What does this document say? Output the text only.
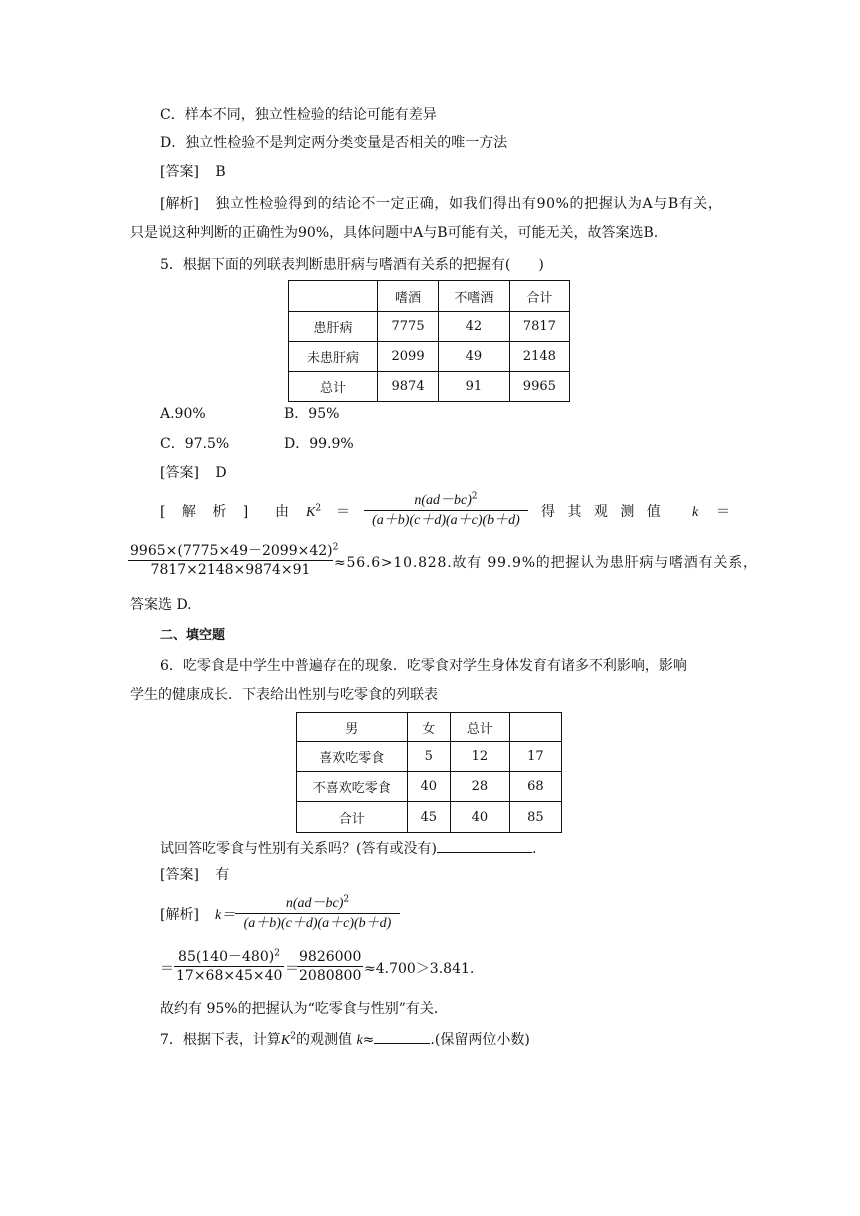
C．样本不同，独立性检验的结论可能有差异
D．独立性检验不是判定两分类变量是否相关的唯一方法
[答案] B
[解析] 独立性检验得到的结论不一定正确，如我们得出有90%的把握认为A与B有关，
只是说这种判断的正确性为90%，具体问题中A与B可能有关，可能无关，故答案选B.
5．根据下面的列联表判断患肝病与嗜酒有关系的把握有(　　)
	嗜酒	不嗜酒	合计
患肝病	7775	42	7817
未患肝病	2099	49	2148
总计	9874	91	9965
A.90%	B．95%
C．97.5%	D．99.9%
[答案] D
[ 解 析 ] 由 $K^2$ ＝
$n(ad-bc)^2$
(a＋b)(c＋d)(a＋c)(b＋d)
得 其 观 测 值 k ＝
$9965\times(7775\times 49-2099\times 42)^2$
7817×2148×9874×91	≈56.6>10.828.故有 99.9%的把握认为患肝病与嗜酒有关系，
答案选 D.
二、填空题
6．吃零食是中学生中普遍存在的现象．吃零食对学生身体发育有诸多不利影响，影响
学生的健康成长．下表给出性别与吃零食的列联表
男	女	总计	
喜欢吃零食	5	12	17
不喜欢吃零食	40	28	68
合计	45	40	85
试回答吃零食与性别有关系吗？(答有或没有)	.
[答案] 有
[解析] k＝
$n(ad-bc)^2$
(a＋b)(c＋d)(a＋c)(b＋d)
＝
$85(140-480)^2$
17×68×45×40 ＝
9826000
2080800 ≈4.700＞3.841.
故约有 95%的把握认为“吃零食与性别”有关．
7．根据下表，计算$K^2$的观测值 k≈	.(保留两位小数)
